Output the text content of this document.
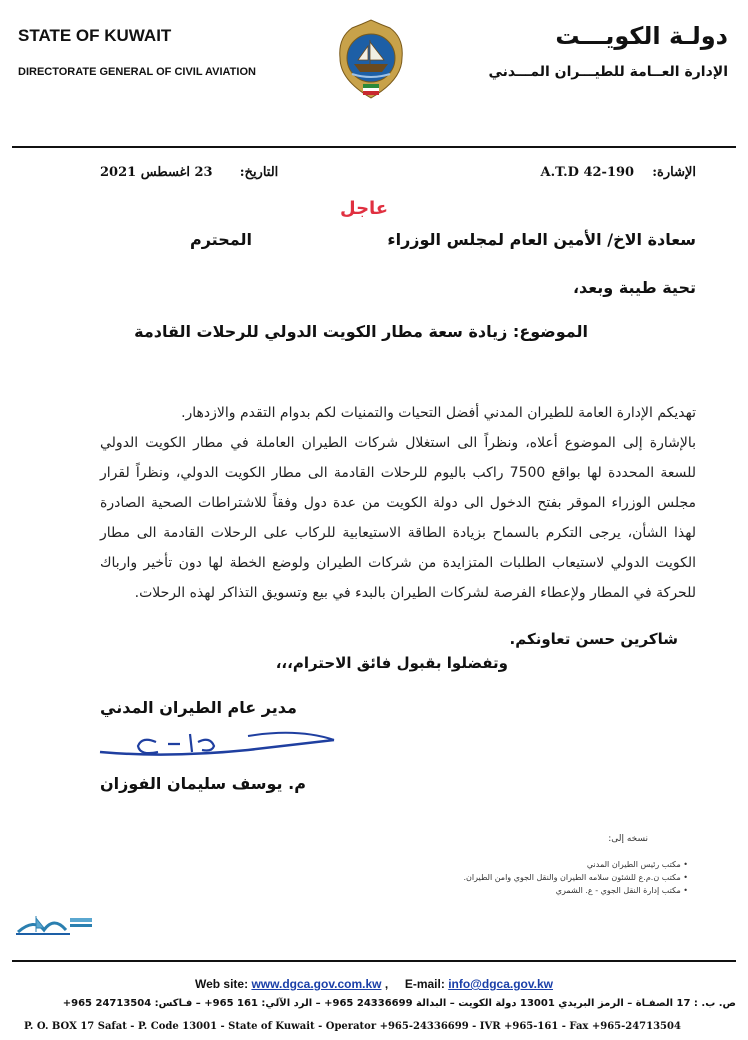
STATE OF KUWAIT
DIRECTORATE GENERAL OF CIVIL AVIATION
دولـة الكويـــت
الإدارة العــامة للطيـــران المـــدني
الإشارة:    A.T.D 42-190
التاريخ:      23 اغسطس 2021
عاجل
سعادة الاخ/ الأمين العام لمجلس الوزراء
المحترم
تحية طيبة وبعد،
الموضوع: زيادة سعة مطار الكويت الدولي للرحلات القادمة

تهديكم الإدارة العامة للطيران المدني أفضل التحيات والتمنيات لكم بدوام التقدم والازدهار.

بالإشارة إلى الموضوع أعلاه، ونظراً الى استغلال شركات الطيران العاملة في مطار الكويت الدولي للسعة المحددة لها بواقع 7500 راكب باليوم للرحلات القادمة الى مطار الكويت الدولي، ونظراً لقرار مجلس الوزراء الموقر بفتح الدخول الى دولة الكويت من عدة دول وفقاً للاشتراطات الصحية الصادرة لهذا الشأن، يرجى التكرم بالسماح بزيادة الطاقة الاستيعابية للركاب على الرحلات القادمة الى مطار الكويت الدولي لاستيعاب الطلبات المتزايدة من شركات الطيران ولوضع الخطة لها دون تأخير وارباك للحركة في المطار ولإعطاء الفرصة لشركات الطيران بالبدء في بيع وتسويق التذاكر لهذه الرحلات.

شاكرين حسن تعاونكم.
وتفضلوا بقبول فائق الاحترام،،،
مدير عام الطيران المدني
م. يوسف سليمان الفوزان
نسخه إلى:
• مكتب رئيس الطيران المدني
• مكتب ن.م.ع للشئون سلامه الطيران والنقل الجوي وامن الطيران.
• مكتب إدارة النقل الجوي - ع. الشمري
Web site: www.dgca.gov.com.kw ,     E-mail: info@dgca.gov.kw
ص. ب. : 17 الصفـاة – الرمز البريدي 13001 دولة الكويت – البدالة 24336699 965+ – الرد الآلي: 161 965+ – فـاكس: 24713504 965+
P. O. BOX 17 Safat - P. Code 13001 - State of Kuwait - Operator +965-24336699 - IVR +965-161 - Fax +965-24713504
